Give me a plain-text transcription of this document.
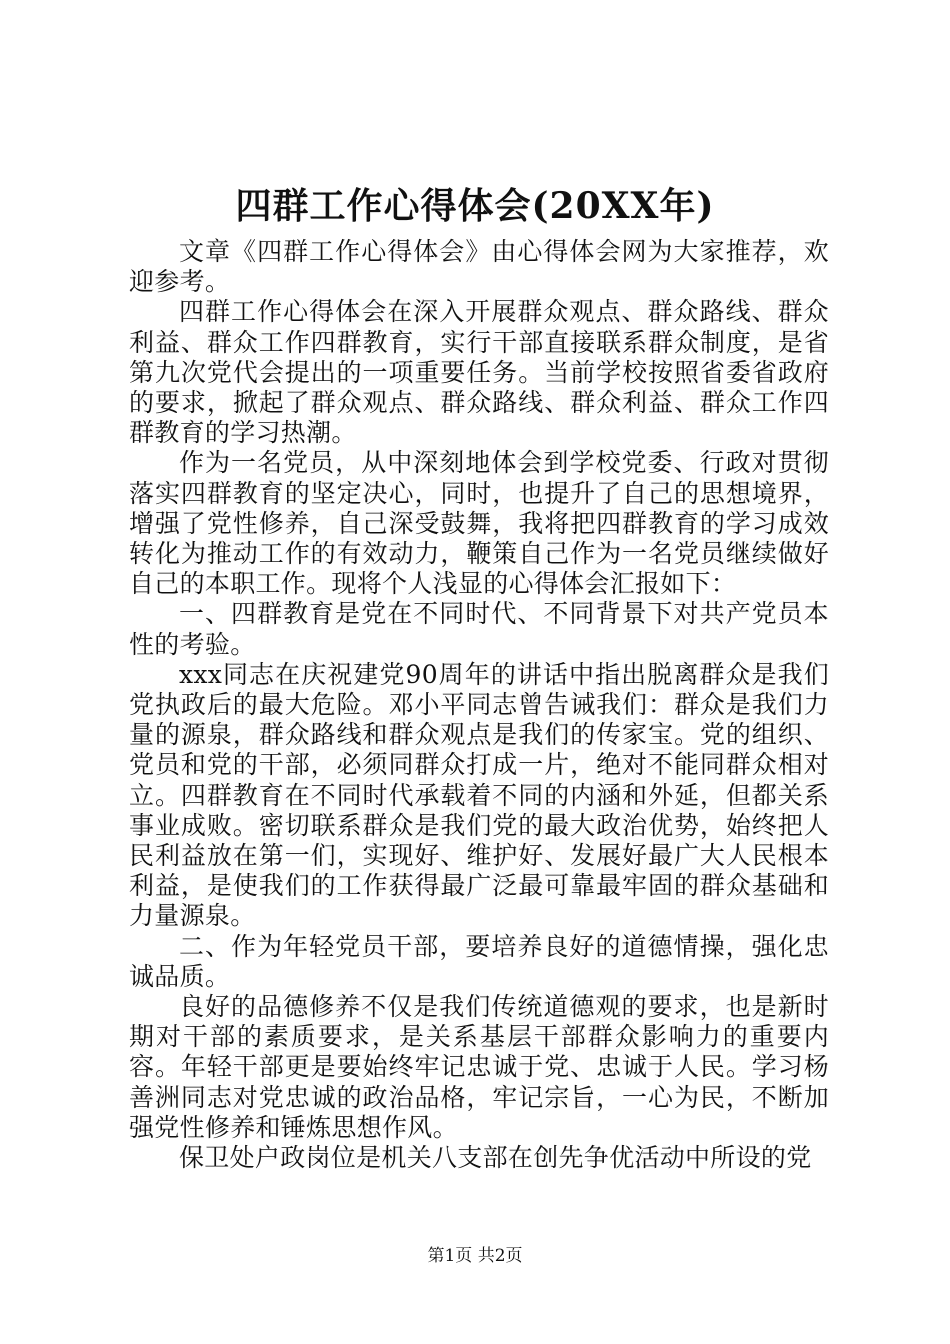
四群工作心得体会(20XX年)

文章《四群工作心得体会》由心得体会网为大家推荐，欢迎参考。

四群工作心得体会在深入开展群众观点、群众路线、群众利益、群众工作四群教育，实行干部直接联系群众制度，是省第九次党代会提出的一项重要任务。当前学校按照省委省政府的要求，掀起了群众观点、群众路线、群众利益、群众工作四群教育的学习热潮。

作为一名党员，从中深刻地体会到学校党委、行政对贯彻落实四群教育的坚定决心，同时，也提升了自己的思想境界，增强了党性修养，自己深受鼓舞，我将把四群教育的学习成效转化为推动工作的有效动力，鞭策自己作为一名党员继续做好自己的本职工作。现将个人浅显的心得体会汇报如下：

一、四群教育是党在不同时代、不同背景下对共产党员本性的考验。

xxx同志在庆祝建党90周年的讲话中指出脱离群众是我们党执政后的最大危险。邓小平同志曾告诫我们：群众是我们力量的源泉，群众路线和群众观点是我们的传家宝。党的组织、党员和党的干部，必须同群众打成一片，绝对不能同群众相对立。四群教育在不同时代承载着不同的内涵和外延，但都关系事业成败。密切联系群众是我们党的最大政治优势，始终把人民利益放在第一们，实现好、维护好、发展好最广大人民根本利益，是使我们的工作获得最广泛最可靠最牢固的群众基础和力量源泉。

二、作为年轻党员干部，要培养良好的道德情操，强化忠诚品质。

良好的品德修养不仅是我们传统道德观的要求，也是新时期对干部的素质要求，是关系基层干部群众影响力的重要内容。年轻干部更是要始终牢记忠诚于党、忠诚于人民。学习杨善洲同志对党忠诚的政治品格，牢记宗旨，一心为民，不断加强党性修养和锤炼思想作风。

保卫处户政岗位是机关八支部在创先争优活动中所设的党

第1页 共2页
